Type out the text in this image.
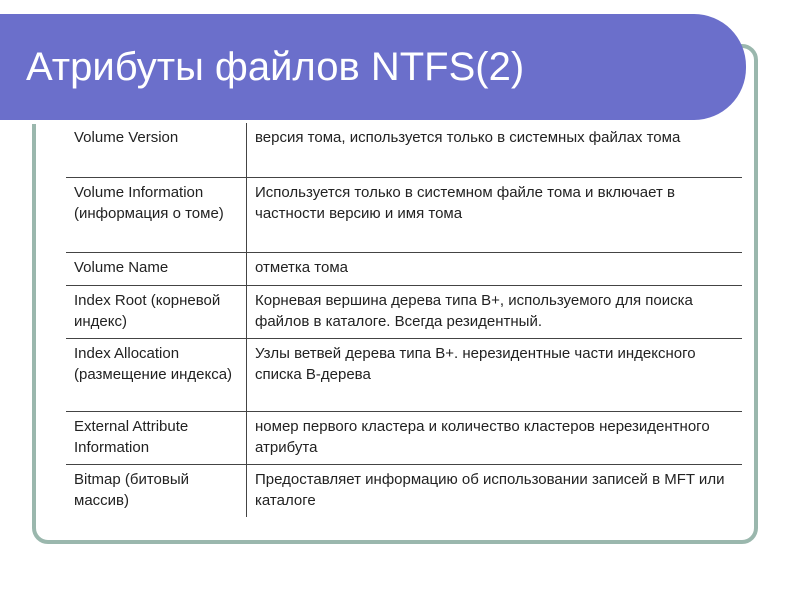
Атрибуты файлов NTFS(2)
Volume Version	версия тома, используется только в системных файлах тома
Volume Information (информация о томе)	Используется только в системном файле тома и включает в частности версию и имя тома
Volume Name	отметка тома
Index Root (корневой индекс)	Корневая вершина дерева типа В+, используемого для поиска файлов в каталоге. Всегда резидентный.
Index Allocation (размещение индекса)	Узлы ветвей дерева типа В+. нерезидентные части индексного списка В-дерева
External Attribute Information	номер первого кластера и количество кластеров нерезидентного атрибута
Bitmap (битовый массив)	Предоставляет информацию об использовании записей в MFT или каталоге
